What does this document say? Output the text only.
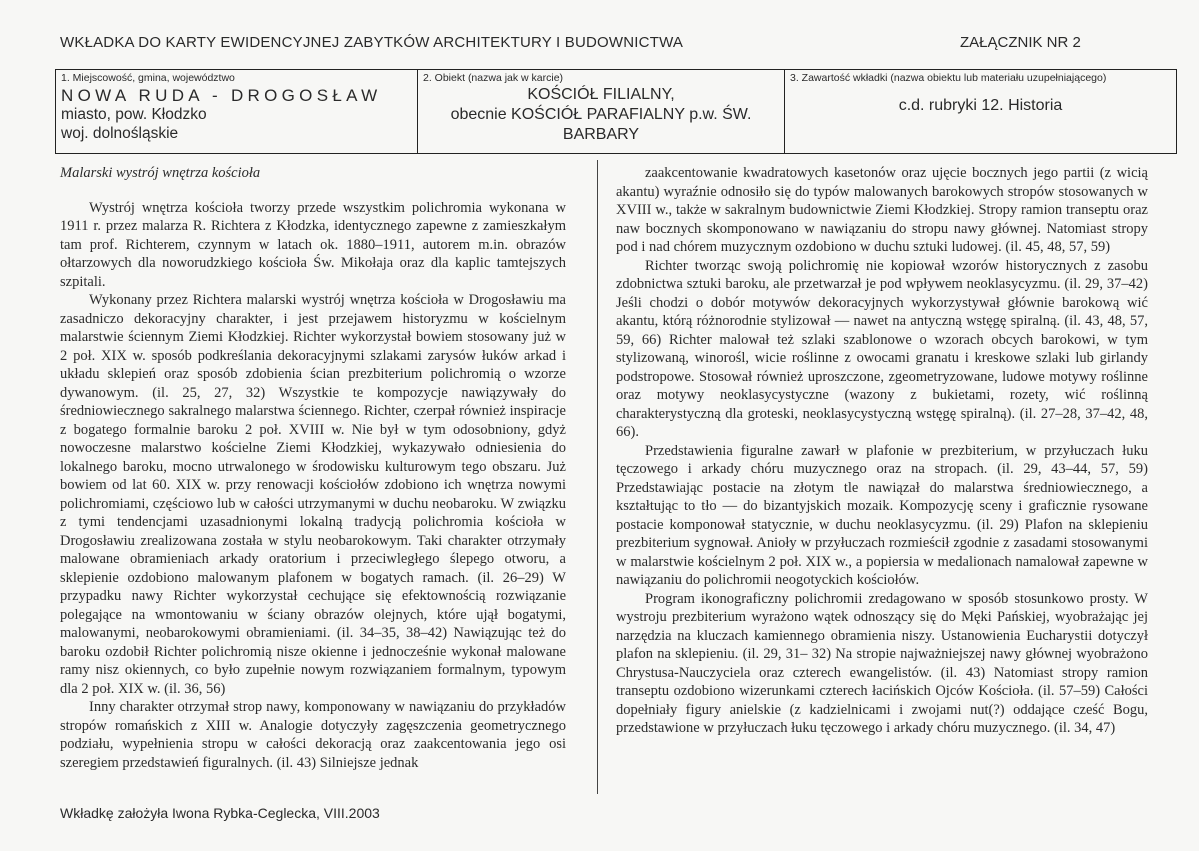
WKŁADKA DO KARTY EWIDENCYJNEJ ZABYTKÓW ARCHITEKTURY I BUDOWNICTWA	ZAŁĄCZNIK NR 2
1. Miejscowość, gmina, województwo
NOWA RUDA - DROGOSŁAW
miasto, pow. Kłodzko
woj. dolnośląskie
2. Obiekt (nazwa jak w karcie)
KOŚCIÓŁ FILIALNY,
obecnie KOŚCIÓŁ PARAFIALNY p.w. ŚW.
BARBARY
3. Zawartość wkładki (nazwa obiektu lub materiału uzupełniającego)
c.d. rubryki 12. Historia

Malarski wystrój wnętrza kościoła

Wystrój wnętrza kościoła tworzy przede wszystkim polichromia wykonana w 1911 r. przez malarza R. Richtera z Kłodzka, identycznego zapewne z zamieszkałym tam prof. Richterem, czynnym w latach ok. 1880–1911, autorem m.in. obrazów ołtarzowych dla noworudzkiego kościoła Św. Mikołaja oraz dla kaplic tamtejszych szpitali.

Wykonany przez Richtera malarski wystrój wnętrza kościoła w Drogosławiu ma zasadniczo dekoracyjny charakter, i jest przejawem historyzmu w kościelnym malarstwie ściennym Ziemi Kłodzkiej. Richter wykorzystał bowiem stosowany już w 2 poł. XIX w. sposób podkreślania dekoracyjnymi szlakami zarysów łuków arkad i układu sklepień oraz sposób zdobienia ścian prezbiterium polichromią o wzorze dywanowym. (il. 25, 27, 32) Wszystkie te kompozycje nawiązywały do średniowiecznego sakralnego malarstwa ściennego. Richter, czerpał również inspiracje z bogatego formalnie baroku 2 poł. XVIII w. Nie był w tym odosobniony, gdyż nowoczesne malarstwo kościelne Ziemi Kłodzkiej, wykazywało odniesienia do lokalnego baroku, mocno utrwalonego w środowisku kulturowym tego obszaru. Już bowiem od lat 60. XIX w. przy renowacji kościołów zdobiono ich wnętrza nowymi polichromiami, częściowo lub w całości utrzymanymi w duchu neobaroku. W związku z tymi tendencjami uzasadnionymi lokalną tradycją polichromia kościoła w Drogosławiu zrealizowana została w stylu neobarokowym. Taki charakter otrzymały malowane obramieniach arkady oratorium i przeciwległego ślepego otworu, a sklepienie ozdobiono malowanym plafonem w bogatych ramach. (il. 26–29) W przypadku nawy Richter wykorzystał cechujące się efektownością rozwiązanie polegające na wmontowaniu w ściany obrazów olejnych, które ujął bogatymi, malowanymi, neobarokowymi obramieniami. (il. 34–35, 38–42) Nawiązując też do baroku ozdobił Richter polichromią nisze okienne i jednocześnie wykonał malowane ramy nisz okiennych, co było zupełnie nowym rozwiązaniem formalnym, typowym dla 2 poł. XIX w. (il. 36, 56)

Inny charakter otrzymał strop nawy, komponowany w nawiązaniu do przykładów stropów romańskich z XIII w. Analogie dotyczyły zagęszczenia geometrycznego podziału, wypełnienia stropu w całości dekoracją oraz zaakcentowania jego osi szeregiem przedstawień figuralnych. (il. 43) Silniejsze jednak

zaakcentowanie kwadratowych kasetonów oraz ujęcie bocznych jego partii (z wicią akantu) wyraźnie odnosiło się do typów malowanych barokowych stropów stosowanych w XVIII w., także w sakralnym budownictwie Ziemi Kłodzkiej. Stropy ramion transeptu oraz naw bocznych skomponowano w nawiązaniu do stropu nawy głównej. Natomiast stropy pod i nad chórem muzycznym ozdobiono w duchu sztuki ludowej. (il. 45, 48, 57, 59)

Richter tworząc swoją polichromię nie kopiował wzorów historycznych z zasobu zdobnictwa sztuki baroku, ale przetwarzał je pod wpływem neoklasycyzmu. (il. 29, 37–42) Jeśli chodzi o dobór motywów dekoracyjnych wykorzystywał głównie barokową wić akantu, którą różnorodnie stylizował — nawet na antyczną wstęgę spiralną. (il. 43, 48, 57, 59, 66) Richter malował też szlaki szablonowe o wzorach obcych barokowi, w tym stylizowaną, winorośl, wicie roślinne z owocami granatu i kreskowe szlaki lub girlandy podstropowe. Stosował również uproszczone, zgeometryzowane, ludowe motywy roślinne oraz motywy neoklasycystyczne (wazony z bukietami, rozety, wić roślinną charakterystyczną dla groteski, neoklasycystyczną wstęgę spiralną). (il. 27–28, 37–42, 48, 66).

Przedstawienia figuralne zawarł w plafonie w prezbiterium, w przyłuczach łuku tęczowego i arkady chóru muzycznego oraz na stropach. (il. 29, 43–44, 57, 59) Przedstawiając postacie na złotym tle nawiązał do malarstwa średniowiecznego, a kształtując to tło — do bizantyjskich mozaik. Kompozycję sceny i graficznie rysowane postacie komponował statycznie, w duchu neoklasycyzmu. (il. 29) Plafon na sklepieniu prezbiterium sygnował. Anioły w przyłuczach rozmieścił zgodnie z zasadami stosowanymi w malarstwie kościelnym 2 poł. XIX w., a popiersia w medalionach namalował zapewne w nawiązaniu do polichromii neogotyckich kościołów.

Program ikonograficzny polichromii zredagowano w sposób stosunkowo prosty. W wystroju prezbiterium wyrażono wątek odnoszący się do Męki Pańskiej, wyobrażając jej narzędzia na kluczach kamiennego obramienia niszy. Ustanowienia Eucharystii dotyczył plafon na sklepieniu. (il. 29, 31– 32) Na stropie najważniejszej nawy głównej wyobrażono Chrystusa-Nauczyciela oraz czterech ewangelistów. (il. 43) Natomiast stropy ramion transeptu ozdobiono wizerunkami czterech łacińskich Ojców Kościoła. (il. 57–59) Całości dopełniały figury anielskie (z kadzielnicami i zwojami nut(?) oddające cześć Bogu, przedstawione w przyłuczach łuku tęczowego i arkady chóru muzycznego. (il. 34, 47)

Wkładkę założyła Iwona Rybka-Ceglecka, VIII.2003
